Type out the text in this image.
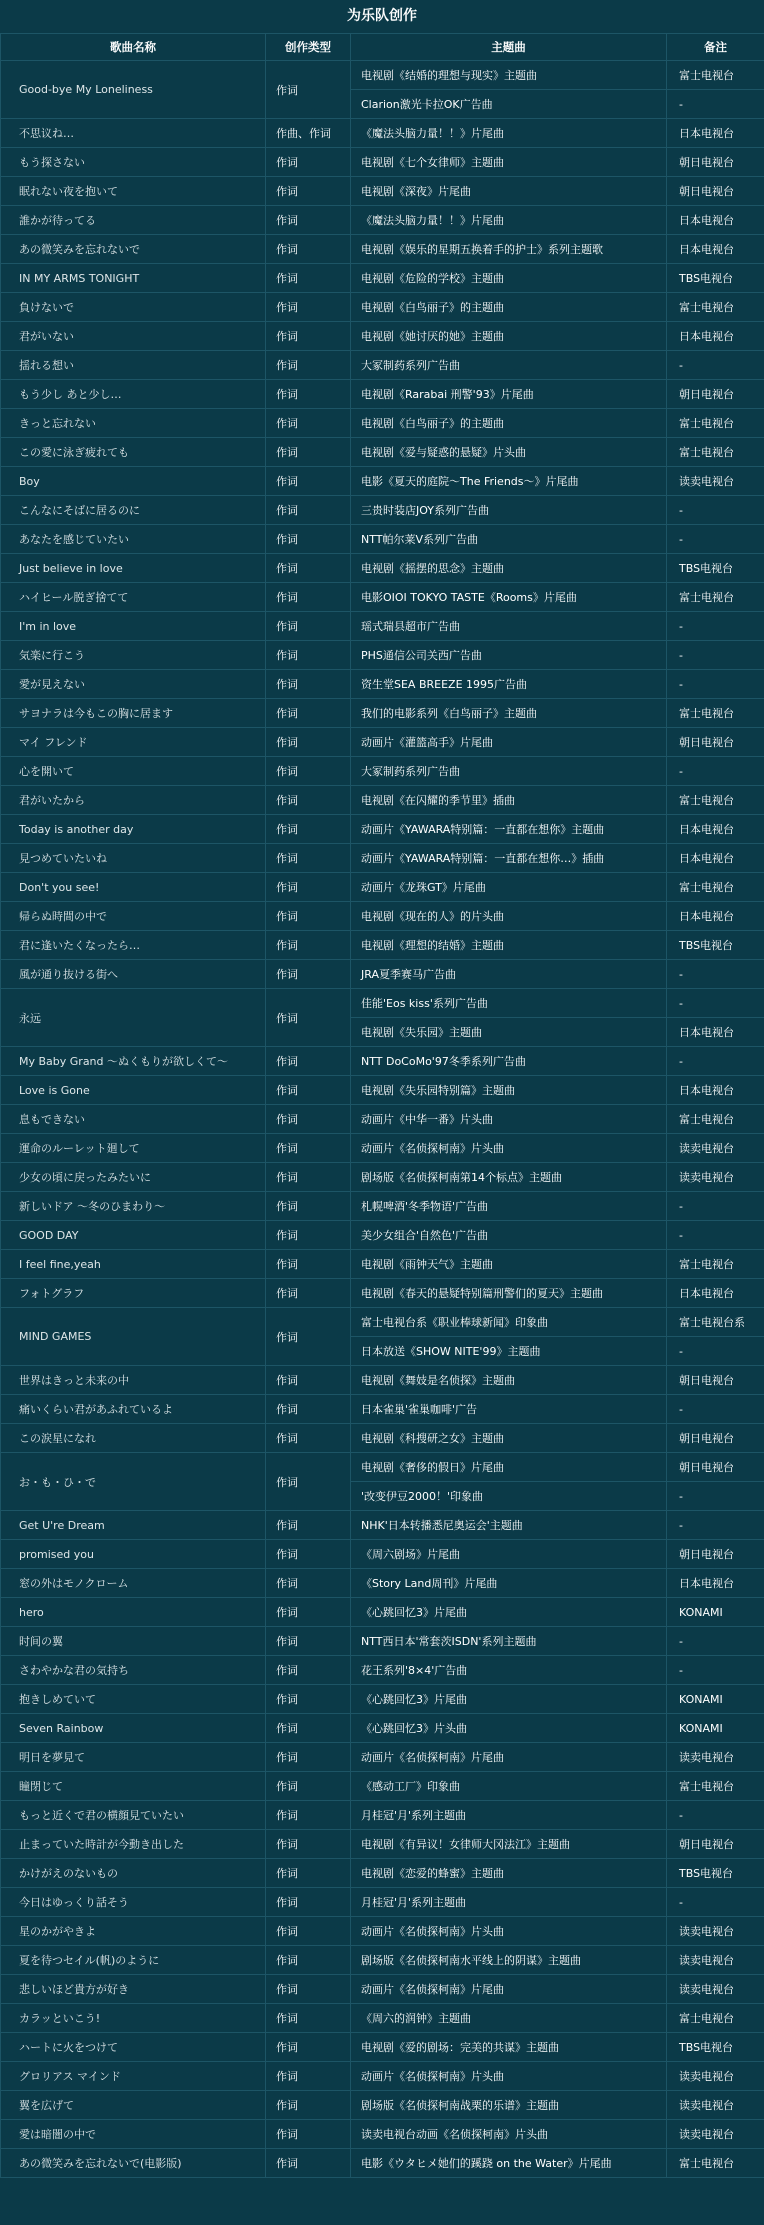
为乐队创作
歌曲名称	创作类型	主题曲	备注
Good-bye My Loneliness	作词	电视剧《结婚的理想与现实》主题曲	富士电视台
		Clarion激光卡拉OK广告曲	-
不思议ね…	作曲、作词	《魔法头脑力量！！》片尾曲	日本电视台
もう探さない	作词	电视剧《七个女律师》主题曲	朝日电视台
眠れない夜を抱いて	作词	电视剧《深夜》片尾曲	朝日电视台
誰かが待ってる	作词	《魔法头脑力量！！》片尾曲	日本电视台
あの微笑みを忘れないで	作词	电视剧《娱乐的星期五换着手的护士》系列主题歌	日本电视台
IN MY ARMS TONIGHT	作词	电视剧《危险的学校》主题曲	TBS电视台
負けないで	作词	电视剧《白鸟丽子》的主题曲	富士电视台
君がいない	作词	电视剧《她讨厌的她》主题曲	日本电视台
揺れる想い	作词	大冢制药系列广告曲	-
もう少し あと少し…	作词	电视剧《Rarabai 刑警'93》片尾曲	朝日电视台
きっと忘れない	作词	电视剧《白鸟丽子》的主题曲	富士电视台
この愛に泳ぎ疲れても	作词	电视剧《爱与疑惑的悬疑》片头曲	富士电视台
Boy	作词	电影《夏天的庭院～The Friends～》片尾曲	读卖电视台
こんなにそばに居るのに	作词	三贵时装店JOY系列广告曲	-
あなたを感じていたい	作词	NTT帕尔莱V系列广告曲	-
Just believe in love	作词	电视剧《摇摆的思念》主题曲	TBS电视台
ハイヒール脱ぎ捨てて	作词	电影OIOI TOKYO TASTE《Rooms》片尾曲	富士电视台
I'm in love	作词	瑶式瑞县超市广告曲	-
気楽に行こう	作词	PHS通信公司关西广告曲	-
愛が見えない	作词	资生堂SEA BREEZE 1995广告曲	-
サヨナラは今もこの胸に居ます	作词	我们的电影系列《白鸟丽子》主题曲	富士电视台
マイ フレンド	作词	动画片《灌篮高手》片尾曲	朝日电视台
心を開いて	作词	大冢制药系列广告曲	-
君がいたから	作词	电视剧《在闪耀的季节里》插曲	富士电视台
Today is another day	作词	动画片《YAWARA特别篇：一直都在想你》主题曲	日本电视台
見つめていたいね	作词	动画片《YAWARA特别篇：一直都在想你…》插曲	日本电视台
Don't you see!	作词	动画片《龙珠GT》片尾曲	富士电视台
帰らぬ時間の中で	作词	电视剧《现在的人》的片头曲	日本电视台
君に逢いたくなったら…	作词	电视剧《理想的结婚》主题曲	TBS电视台
風が通り抜ける街へ	作词	JRA夏季赛马广告曲	-
永远	作词	佳能'Eos kiss'系列广告曲	-
		电视剧《失乐园》主题曲	日本电视台
My Baby Grand ～ぬくもりが欲しくて～	作词	NTT DoCoMo'97冬季系列广告曲	-
Love is Gone	作词	电视剧《失乐园特别篇》主题曲	日本电视台
息もできない	作词	动画片《中华一番》片头曲	富士电视台
運命のルーレット廻して	作词	动画片《名侦探柯南》片头曲	读卖电视台
少女の頃に戻ったみたいに	作词	剧场版《名侦探柯南第14个标点》主题曲	读卖电视台
新しいドア ～冬のひまわり～	作词	札幌啤酒'冬季物语'广告曲	-
GOOD DAY	作词	美少女组合'自然色'广告曲	-
I feel fine,yeah	作词	电视剧《雨钟天气》主题曲	富士电视台
フォトグラフ	作词	电视剧《春天的悬疑特别篇刑警们的夏天》主题曲	日本电视台
MIND GAMES	作词	富士电视台系《职业棒球新闻》印象曲	富士电视台系
		日本放送《SHOW NITE'99》主题曲	-
世界はきっと未来の中	作词	电视剧《舞妓是名侦探》主题曲	朝日电视台
痛いくらい君があふれているよ	作词	日本雀巢'雀巢咖啡'广告	-
この涙星になれ	作词	电视剧《科搜研之女》主题曲	朝日电视台
お・も・ひ・で	作词	电视剧《奢侈的假日》片尾曲	朝日电视台
		'改变伊豆2000！'印象曲	-
Get U're Dream	作词	NHK'日本转播悉尼奥运会'主题曲	-
promised you	作词	《周六剧场》片尾曲	朝日电视台
窓の外はモノクローム	作词	《Story Land周刊》片尾曲	日本电视台
hero	作词	《心跳回忆3》片尾曲	KONAMI
时间の翼	作词	NTT西日本'常套茨ISDN'系列主题曲	-
さわやかな君の気持ち	作词	花王系列'8×4'广告曲	-
抱きしめていて	作词	《心跳回忆3》片尾曲	KONAMI
Seven Rainbow	作词	《心跳回忆3》片头曲	KONAMI
明日を夢見て	作词	动画片《名侦探柯南》片尾曲	读卖电视台
瞳閉じて	作词	《感动工厂》印象曲	富士电视台
もっと近くで君の横顔見ていたい	作词	月桂冠'月'系列主题曲	-
止まっていた時計が今動き出した	作词	电视剧《有异议！女律师大冈法江》主题曲	朝日电视台
かけがえのないもの	作词	电视剧《恋爱的蜂蜜》主题曲	TBS电视台
今日はゆっくり話そう	作词	月桂冠'月'系列主题曲	-
星のかがやきよ	作词	动画片《名侦探柯南》片头曲	读卖电视台
夏を待つセイル(帆)のように	作词	剧场版《名侦探柯南水平线上的阴谋》主题曲	读卖电视台
悲しいほど貴方が好き	作词	动画片《名侦探柯南》片尾曲	读卖电视台
カラッといこう!	作词	《周六的润钟》主题曲	富士电视台
ハートに火をつけて	作词	电视剧《爱的剧场：完美的共谋》主题曲	TBS电视台
グロリアス マインド	作词	动画片《名侦探柯南》片头曲	读卖电视台
翼を広げて	作词	剧场版《名侦探柯南战栗的乐谱》主题曲	读卖电视台
愛は暗闇の中で	作词	读卖电视台动画《名侦探柯南》片头曲	读卖电视台
あの微笑みを忘れないで(电影版)	作词	电影《ウタヒメ她们的蹊跷 on the Water》片尾曲	富士电视台
